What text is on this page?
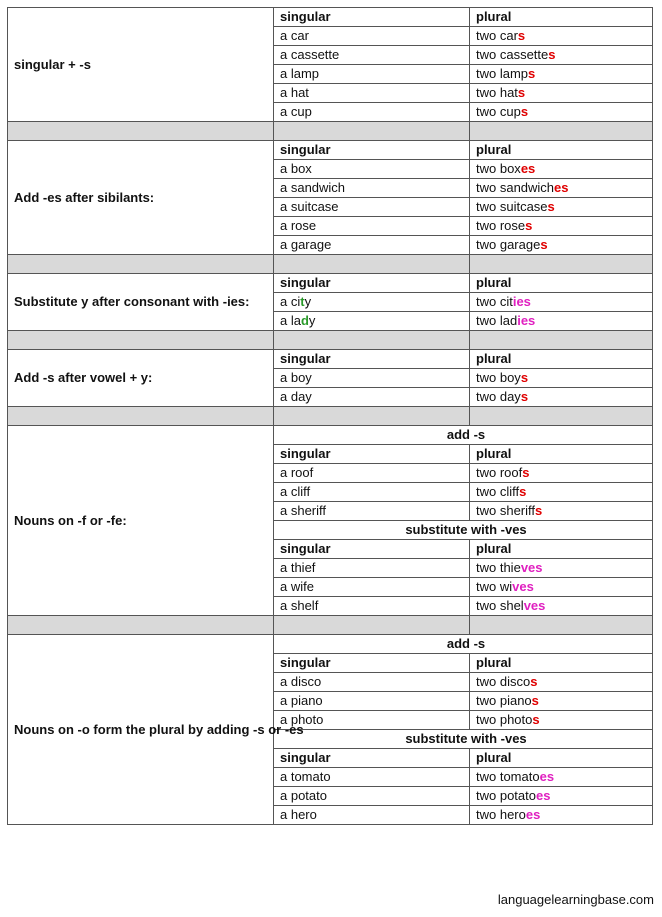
singular + -s	singular	plural
	a car	two cars
	a cassette	two cassettes
	a lamp	two lamps
	a hat	two hats
	a cup	two cups

Add -es after sibilants:	singular	plural
	a box	two boxes
	a sandwich	two sandwiches
	a suitcase	two suitcases
	a rose	two roses
	a garage	two garages

Substitute y after consonant with -ies:	singular	plural
	a city	two cities
	a lady	two ladies

Add -s after vowel + y:	singular	plural
	a boy	two boys
	a day	two days

Nouns on -f or -fe:	add -s	
	singular	plural
	a roof	two roofs
	a cliff	two cliffs
	a sheriff	two sheriffs
	substitute with -ves	
	singular	plural
	a thief	two thieves
	a wife	two wives
	a shelf	two shelves

Nouns on -o form the plural by adding -s or -es	add -s	
	singular	plural
	a disco	two discos
	a piano	two pianos
	a photo	two photos
	substitute with -ves	
	singular	plural
	a tomato	two tomatoes
	a potato	two potatoes
	a hero	two heroes
languagelearningbase.com
